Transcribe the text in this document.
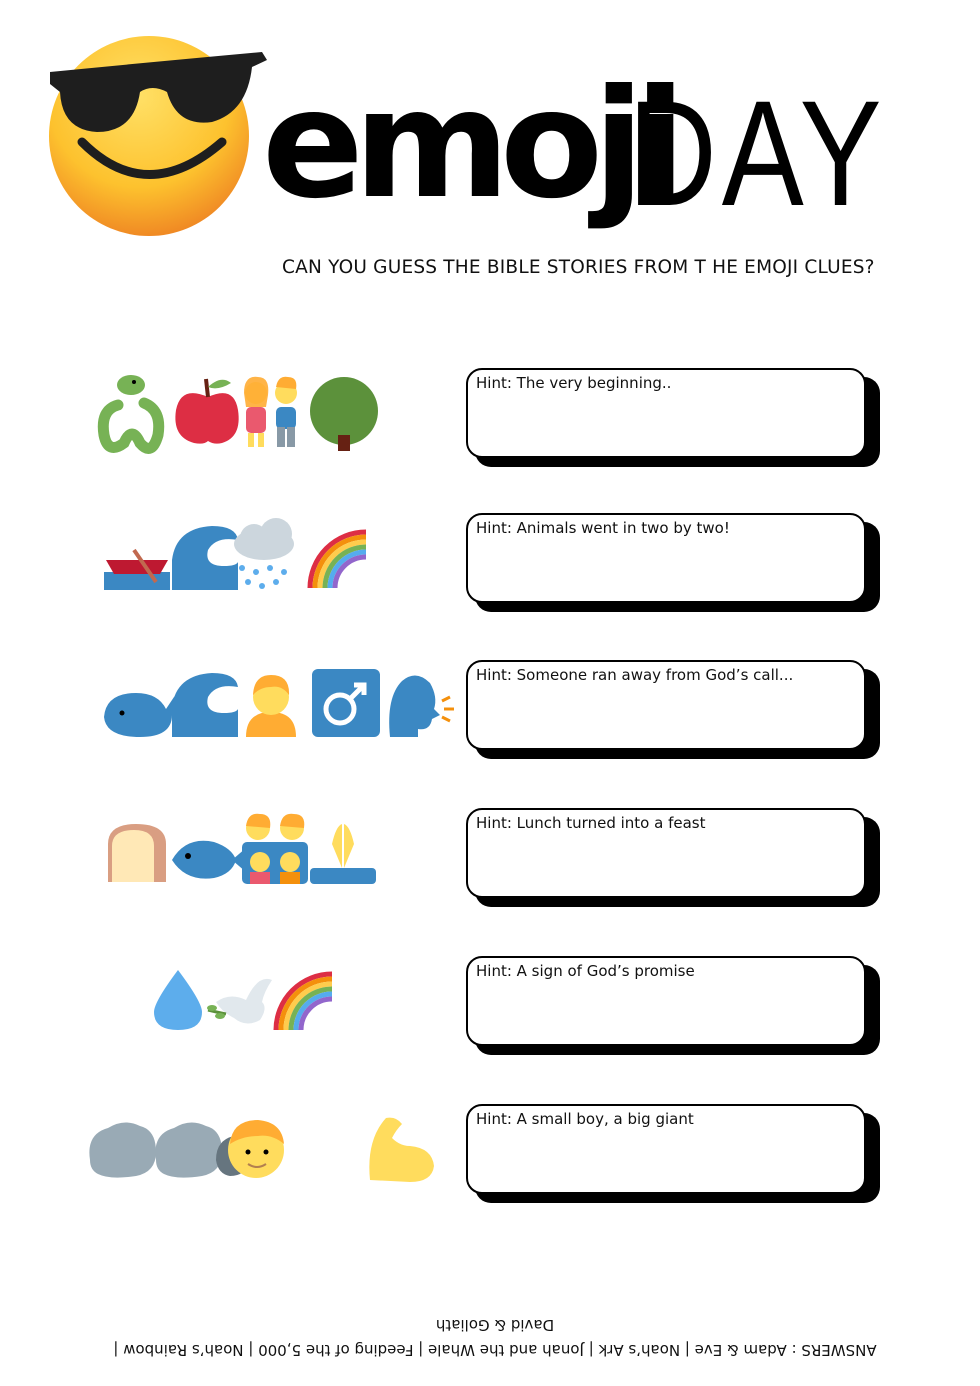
emoji
DAY
CAN YOU GUESS THE BIBLE STORIES FROM T HE EMOJI CLUES?
Hint: The very beginning..
Hint: Animals went in two by two!
Hint: Someone ran away from God’s call...
Hint: Lunch turned into a feast
Hint: A sign of God’s promise
Hint: A small boy, a big giant
ANSWERS : Adam & Eve | Noah’s Ark | Jonah and the Whale | Feeding of the 5,000 | Noah’s Rainbow |
David & Goliath
